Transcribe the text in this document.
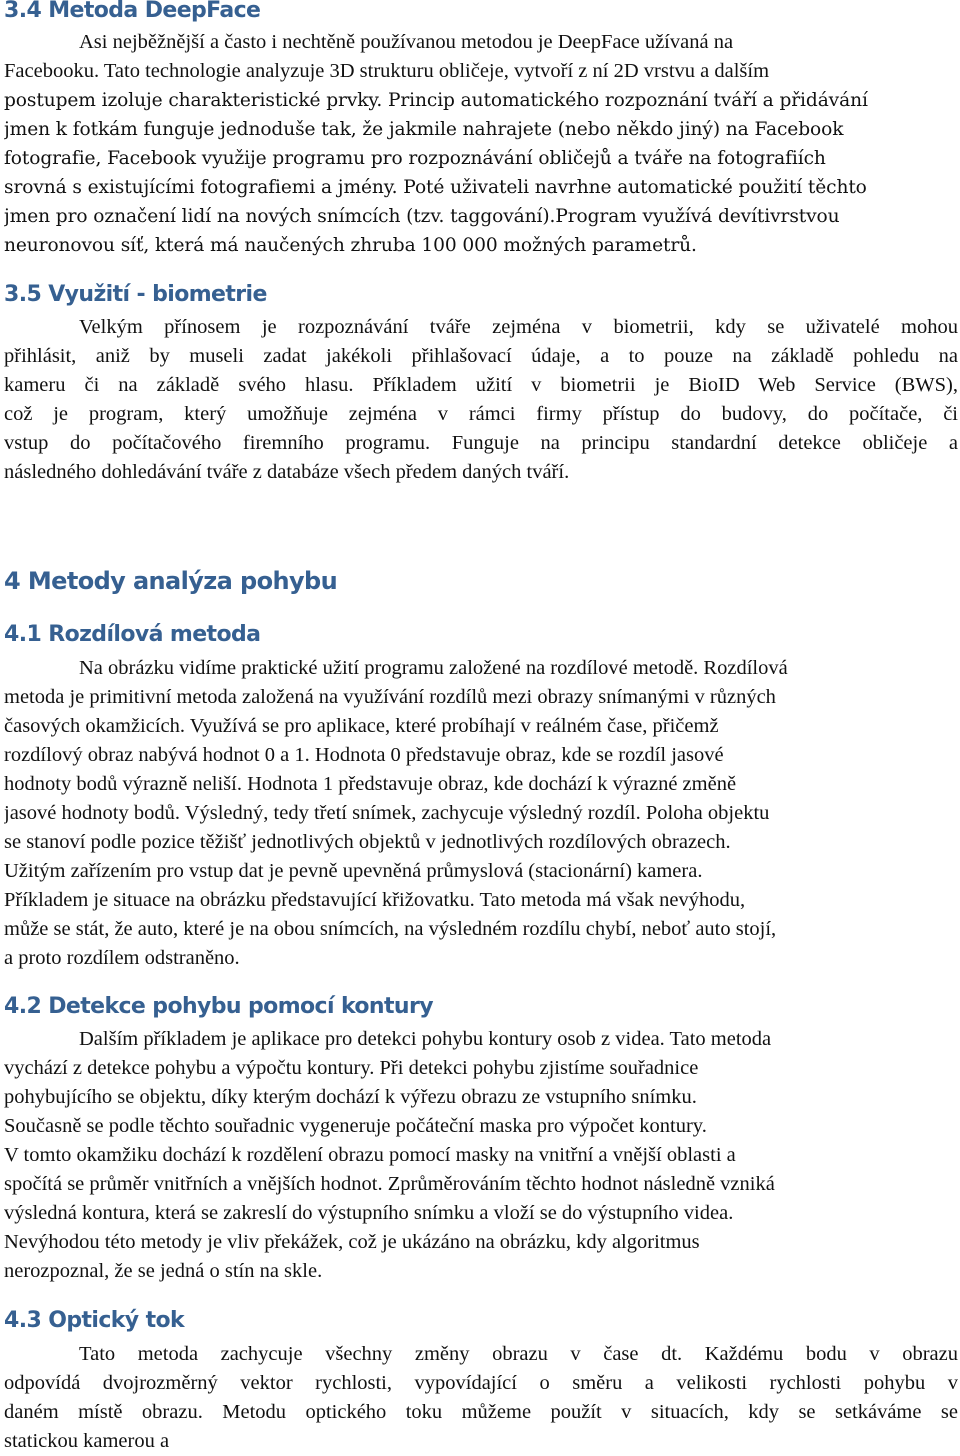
3.4 Metoda DeepFace
Asi nejběžnější a často i nechtěně používanou metodou je DeepFace užívaná na
Facebooku. Tato technologie analyzuje 3D strukturu obličeje, vytvoří z ní 2D vrstvu a dalším
postupem izoluje charakteristické prvky. Princip automatického rozpoznání tváří a přidávání
jmen k fotkám funguje jednoduše tak, že jakmile nahrajete (nebo někdo jiný) na Facebook
fotografie, Facebook využije programu pro rozpoznávání obličejů a tváře na fotografiích
srovná s existujícími fotografiemi a jmény. Poté uživateli navrhne automatické použití těchto
jmen pro označení lidí na nových snímcích (tzv. taggování).Program využívá devítivrstvou
neuronovou síť, která má naučených zhruba 100 000 možných parametrů.
3.5 Využití - biometrie
Velkým přínosem je rozpoznávání tváře zejména v biometrii, kdy se uživatelé mohou
přihlásit, aniž by museli zadat jakékoli přihlašovací údaje, a to pouze na základě pohledu na
kameru či na základě svého hlasu. Příkladem užití v biometrii je BioID Web Service (BWS),
což je program, který umožňuje zejména v rámci firmy přístup do budovy, do počítače, či
vstup do počítačového firemního programu. Funguje na principu standardní detekce obličeje a
následného dohledávání tváře z databáze všech předem daných tváří.
4 Metody analýza pohybu
4.1 Rozdílová metoda
Na obrázku vidíme praktické užití programu založené na rozdílové metodě. Rozdílová
metoda je primitivní metoda založená na využívání rozdílů mezi obrazy snímanými v různých
časových okamžicích. Využívá se pro aplikace, které probíhají v reálném čase, přičemž
rozdílový obraz nabývá hodnot 0 a 1. Hodnota 0 představuje obraz, kde se rozdíl jasové
hodnoty bodů výrazně neliší. Hodnota 1 představuje obraz, kde dochází k výrazné změně
jasové hodnoty bodů. Výsledný, tedy třetí snímek, zachycuje výsledný rozdíl. Poloha objektu
se stanoví podle pozice těžišť jednotlivých objektů v jednotlivých rozdílových obrazech.
Užitým zařízením pro vstup dat je pevně upevněná průmyslová (stacionární) kamera.
Příkladem je situace na obrázku představující křižovatku. Tato metoda má však nevýhodu,
může se stát, že auto, které je na obou snímcích, na výsledném rozdílu chybí, neboť auto stojí,
a proto rozdílem odstraněno.
4.2 Detekce pohybu pomocí kontury
Dalším příkladem je aplikace pro detekci pohybu kontury osob z videa. Tato metoda
vychází z detekce pohybu a výpočtu kontury. Při detekci pohybu zjistíme souřadnice
pohybujícího se objektu, díky kterým dochází k výřezu obrazu ze vstupního snímku.
Současně se podle těchto souřadnic vygeneruje počáteční maska pro výpočet kontury.
V tomto okamžiku dochází k rozdělení obrazu pomocí masky na vnitřní a vnější oblasti a
spočítá se průměr vnitřních a vnějších hodnot. Zprůměrováním těchto hodnot následně vzniká
výsledná kontura, která se zakreslí do výstupního snímku a vloží se do výstupního videa.
Nevýhodou této metody je vliv překážek, což je ukázáno na obrázku, kdy algoritmus
nerozpoznal, že se jedná o stín na skle.
4.3 Optický tok
Tato metoda zachycuje všechny změny obrazu v čase dt. Každému bodu v obrazu
odpovídá dvojrozměrný vektor rychlosti, vypovídající o směru a velikosti rychlosti pohybu v
daném místě obrazu. Metodu optického toku můžeme použít v situacích, kdy se setkáváme se
statickou kamerou a
